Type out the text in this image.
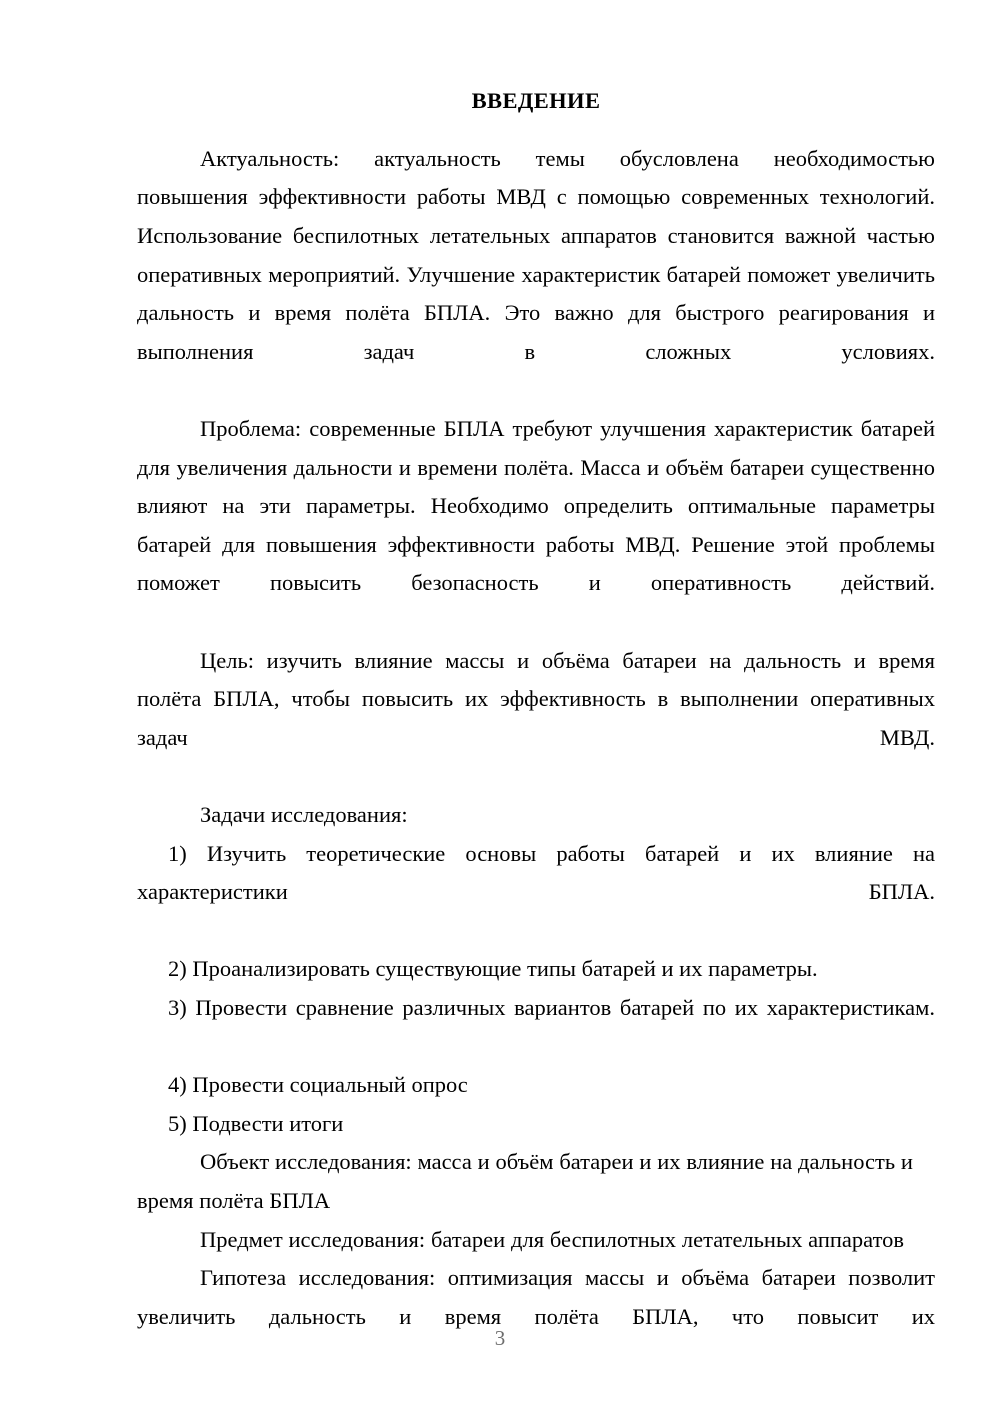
ВВЕДЕНИЕ

Актуальность: актуальность темы обусловлена необходимостью повышения эффективности работы МВД с помощью современных технологий. Использование беспилотных летательных аппаратов становится важной частью оперативных мероприятий. Улучшение характеристик батарей поможет увеличить дальность и время полёта БПЛА. Это важно для быстрого реагирования и выполнения задач в сложных условиях.

Проблема: современные БПЛА требуют улучшения характеристик батарей для увеличения дальности и времени полёта. Масса и объём батареи существенно влияют на эти параметры. Необходимо определить оптимальные параметры батарей для повышения эффективности работы МВД. Решение этой проблемы поможет повысить безопасность и оперативность действий.

Цель: изучить влияние массы и объёма батареи на дальность и время полёта БПЛА, чтобы повысить их эффективность в выполнении оперативных задач МВД.

Задачи исследования:

1) Изучить теоретические основы работы батарей и их влияние на характеристики БПЛА.

2) Проанализировать существующие типы батарей и их параметры.

3) Провести сравнение различных вариантов батарей по их характеристикам.

4) Провести социальный опрос

5) Подвести итоги

Объект исследования: масса и объём батареи и их влияние на дальность и время полёта БПЛА

Предмет исследования: батареи для беспилотных летательных аппаратов

Гипотеза исследования: оптимизация массы и объёма батареи позволит увеличить дальность и время полёта БПЛА, что повысит их

3
